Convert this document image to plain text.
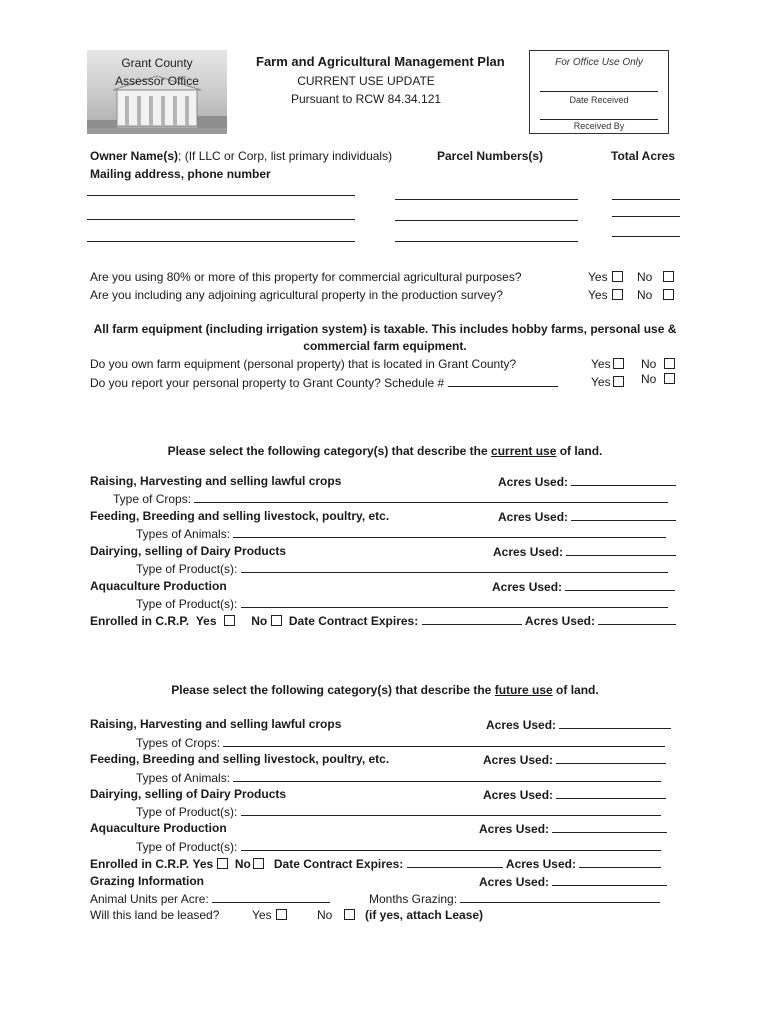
Grant County
Assessor Office
Farm and Agricultural Management Plan
CURRENT USE UPDATE
Pursuant to RCW 84.34.121
For Office Use Only
Date Received
Received By
Owner Name(s); (If LLC or Corp, list primary individuals)
Mailing address, phone number
Parcel Numbers(s)	Total Acres
Are you using 80% or more of this property for commercial agricultural purposes?	Yes	No
Are you including any adjoining agricultural property in the production survey?	Yes	No
All farm equipment (including irrigation system) is taxable. This includes hobby farms, personal use &
commercial farm equipment.
Do you own farm equipment (personal property) that is located in Grant County?	Yes	No
Do you report your personal property to Grant County? Schedule #	Yes	No
Please select the following category(s) that describe the current use of land.
Raising, Harvesting and selling lawful crops	Acres Used:
Type of Crops:
Feeding, Breeding and selling livestock, poultry, etc.	Acres Used:
Types of Animals:
Dairying, selling of Dairy Products	Acres Used:
Type of Product(s):
Aquaculture Production	Acres Used:
Type of Product(s):
Enrolled in C.R.P. Yes	No Date Contract Expires:	Acres Used:
Please select the following category(s) that describe the future use of land.
Raising, Harvesting and selling lawful crops	Acres Used:
Types of Crops:
Feeding, Breeding and selling livestock, poultry, etc.	Acres Used:
Types of Animals:
Dairying, selling of Dairy Products	Acres Used:
Type of Product(s):
Aquaculture Production	Acres Used:
Type of Product(s):
Enrolled in C.R.P. Yes No Date Contract Expires:	Acres Used:
Grazing Information	Acres Used:
Animal Units per Acre:	Months Grazing:
Will this land be leased?	Yes	No	(if yes, attach Lease)
